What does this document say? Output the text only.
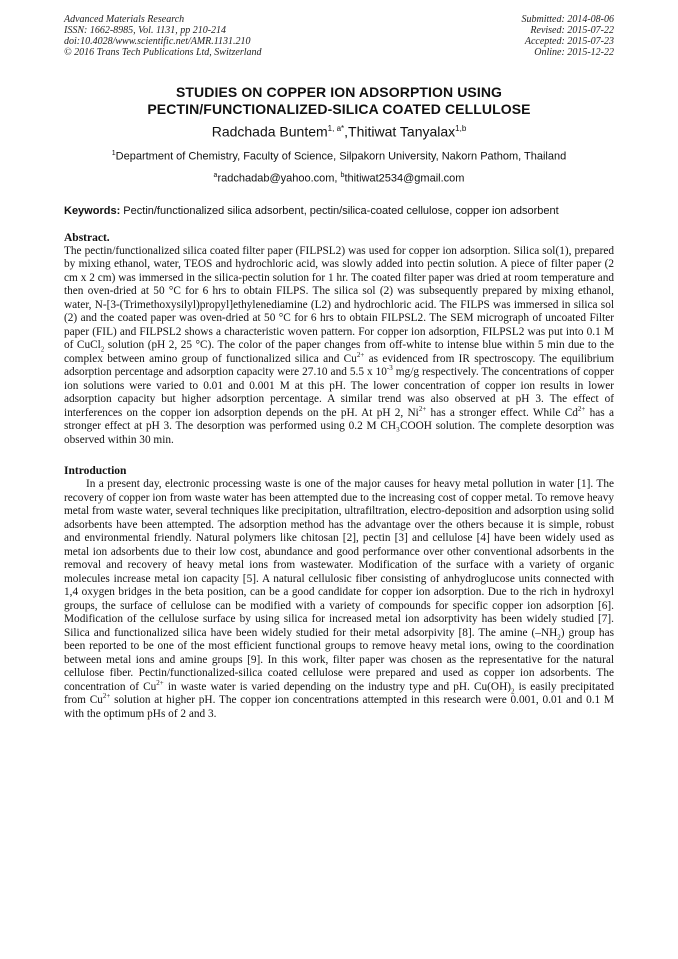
Advanced Materials Research
ISSN: 1662-8985, Vol. 1131, pp 210-214
doi:10.4028/www.scientific.net/AMR.1131.210
© 2016 Trans Tech Publications Ltd, Switzerland
Submitted: 2014-08-06
Revised: 2015-07-22
Accepted: 2015-07-23
Online: 2015-12-22
STUDIES ON COPPER ION ADSORPTION USING
PECTIN/FUNCTIONALIZED-SILICA COATED CELLULOSE
Radchada Buntem$^{1, a*}$,Thitiwat Tanyalax$^{1,b}$
$^1$Department of Chemistry, Faculty of Science, Silpakorn University, Nakorn Pathom, Thailand
$^a$radchadab@yahoo.com, $^b$thitiwat2534@gmail.com
Keywords: Pectin/functionalized silica adsorbent, pectin/silica-coated cellulose, copper ion adsorbent
Abstract.
The pectin/functionalized silica coated filter paper (FILPSL2) was used for copper ion adsorption. Silica sol(1), prepared by mixing ethanol, water, TEOS and hydrochloric acid, was slowly added into pectin solution. A piece of filter paper (2 cm x 2 cm) was immersed in the silica-pectin solution for 1 hr. The coated filter paper was dried at room temperature and then oven-dried at 50 °C for 6 hrs to obtain FILPS. The silica sol (2) was subsequently prepared by mixing ethanol, water, N-[3-(Trimethoxysilyl)propyl]ethylenediamine (L2) and hydrochloric acid. The FILPS was immersed in silica sol (2) and the coated paper was oven-dried at 50 °C for 6 hrs to obtain FILPSL2. The SEM micrograph of uncoated Filter paper (FIL) and FILPSL2 shows a characteristic woven pattern. For copper ion adsorption, FILPSL2 was put into 0.1 M of CuCl$_2$ solution (pH 2, 25 °C). The color of the paper changes from off-white to intense blue within 5 min due to the complex between amino group of functionalized silica and $Cu^{2+}$ as evidenced from IR spectroscopy. The equilibrium adsorption percentage and adsorption capacity were 27.10 and 5.5 x $10^{-3}$ mg/g respectively. The concentrations of copper ion solutions were varied to 0.01 and 0.001 M at this pH. The lower concentration of copper ion results in lower adsorption capacity but higher adsorption percentage. A similar trend was also observed at pH 3. The effect of interferences on the copper ion adsorption depends on the pH. At pH 2, $Ni^{2+}$ has a stronger effect. While $Cd^{2+}$ has a stronger effect at pH 3. The desorption was performed using 0.2 M CH₃COOH solution. The complete desorption was observed within 30 min.
Introduction
In a present day, electronic processing waste is one of the major causes for heavy metal pollution in water [1]. The recovery of copper ion from waste water has been attempted due to the increasing cost of copper metal. To remove heavy metal from waste water, several techniques like precipitation, ultrafiltration, electro-deposition and adsorption using solid adsorbents have been attempted. The adsorption method has the advantage over the others because it is simple, robust and environmental friendly. Natural polymers like chitosan [2], pectin [3] and cellulose [4] have been widely used as metal ion adsorbents due to their low cost, abundance and good performance over other conventional adsorbents in the removal and recovery of heavy metal ions from wastewater. Modification of the surface with a variety of organic molecules increase metal ion capacity [5]. A natural cellulosic fiber consisting of anhydroglucose units connected with 1,4 oxygen bridges in the beta position, can be a good candidate for copper ion adsorption. Due to the rich in hydroxyl groups, the surface of cellulose can be modified with a variety of compounds for specific copper ion adsorption [6]. Modification of the cellulose surface by using silica for increased metal ion adsorptivity has been widely studied [7]. Silica and functionalized silica have been widely studied for their metal adsorpivity [8]. The amine $(-NH_2)$ group has been reported to be one of the most efficient functional groups to remove heavy metal ions, owing to the coordination between metal ions and amine groups [9]. In this work, filter paper was chosen as the representative for the natural cellulose fiber. Pectin/functionalized-silica coated cellulose were prepared and used as copper ion adsorbents. The concentration of $Cu^{2+}$ in waste water is varied depending on the industry type and pH. $Cu(OH)_2$ is easily precipitated from $Cu^{2+}$ solution at higher pH. The copper ion concentrations attempted in this research were 0.001, 0.01 and 0.1 M with the optimum pHs of 2 and 3.
